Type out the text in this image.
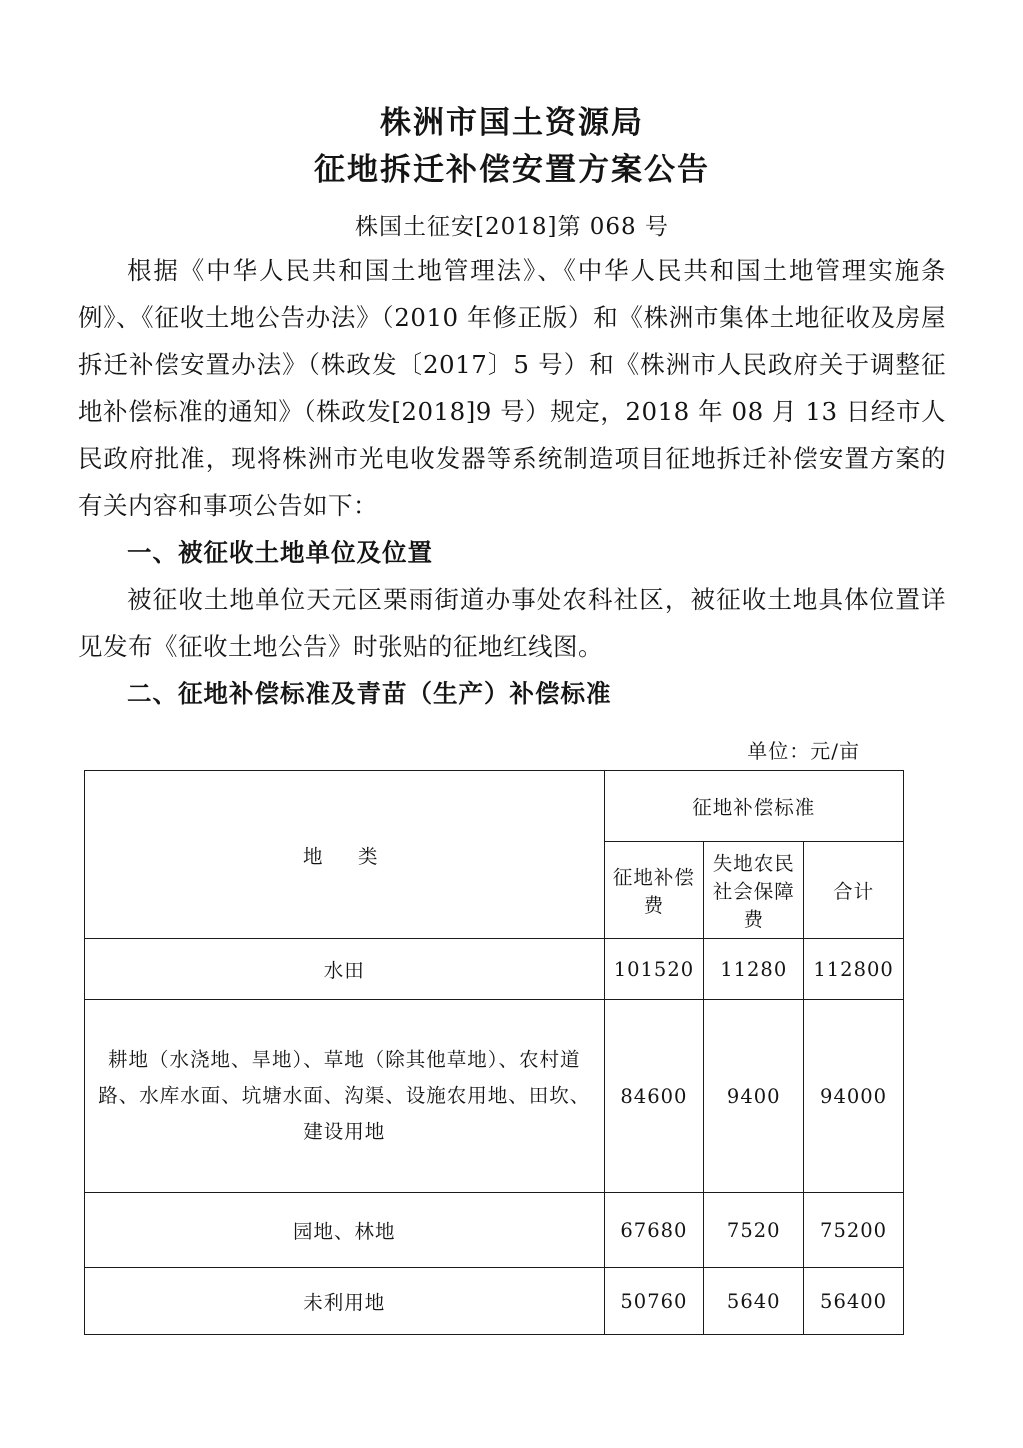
株洲市国土资源局
征地拆迁补偿安置方案公告
株国土征安[2018]第 068 号

根据《中华人民共和国土地管理法》、《中华人民共和国土地管理实施条例》、《征收土地公告办法》（2010 年修正版）和《株洲市集体土地征收及房屋拆迁补偿安置办法》（株政发〔2017〕5 号）和《株洲市人民政府关于调整征地补偿标准的通知》（株政发[2018]9 号）规定，2018 年 08 月 13 日经市人民政府批准，现将株洲市光电收发器等系统制造项目征地拆迁补偿安置方案的有关内容和事项公告如下：

一、被征收土地单位及位置

被征收土地单位天元区栗雨街道办事处农科社区，被征收土地具体位置详见发布《征收土地公告》时张贴的征地红线图。

二、征地补偿标准及青苗（生产）补偿标准

单位：元/亩
地　类	征地补偿标准		
	征地补偿费	失地农民社会保障费	合计
水田	101520	11280	112800
耕地（水浇地、旱地）、草地（除其他草地）、农村道路、水库水面、坑塘水面、沟渠、设施农用地、田坎、建设用地	84600	9400	94000
园地、林地	67680	7520	75200
未利用地	50760	5640	56400
